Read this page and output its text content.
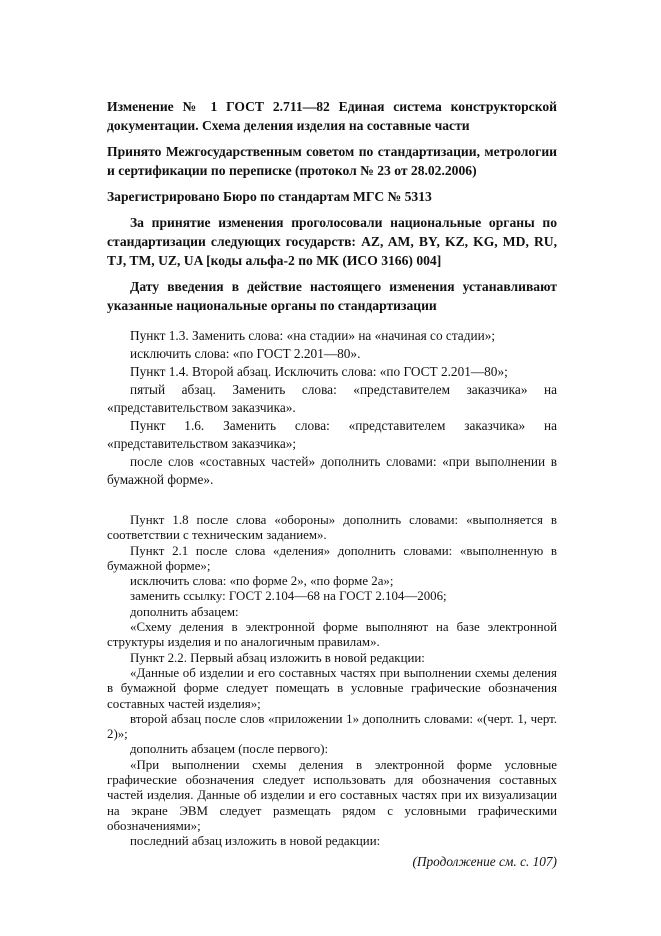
Изменение № 1 ГОСТ 2.711—82 Единая система конструкторской документации. Схема деления изделия на составные части

Принято Межгосударственным советом по стандартизации, метрологии и сертификации по переписке (протокол № 23 от 28.02.2006)

Зарегистрировано Бюро по стандартам МГС № 5313

За принятие изменения проголосовали национальные органы по стандартизации следующих государств: AZ, AM, BY, KZ, KG, MD, RU, TJ, TM, UZ, UA [коды альфа-2 по МК (ИСО 3166) 004]

Дату введения в действие настоящего изменения устанавливают указанные национальные органы по стандартизации

Пункт 1.3. Заменить слова: «на стадии» на «начиная со стадии»;

исключить слова: «по ГОСТ 2.201—80».

Пункт 1.4. Второй абзац. Исключить слова: «по ГОСТ 2.201—80»;

пятый абзац. Заменить слова: «представителем заказчика» на «представительством заказчика».

Пункт 1.6. Заменить слова: «представителем заказчика» на «представительством заказчика»;

после слов «составных частей» дополнить словами: «при выполнении в бумажной форме».

Пункт 1.8 после слова «обороны» дополнить словами: «выполняется в соответствии с техническим заданием».

Пункт 2.1 после слова «деления» дополнить словами: «выполненную в бумажной форме»;

исключить слова: «по форме 2», «по форме 2а»;

заменить ссылку: ГОСТ 2.104—68 на ГОСТ 2.104—2006;

дополнить абзацем:

«Схему деления в электронной форме выполняют на базе электронной структуры изделия и по аналогичным правилам».

Пункт 2.2. Первый абзац изложить в новой редакции:

«Данные об изделии и его составных частях при выполнении схемы деления в бумажной форме следует помещать в условные графические обозначения составных частей изделия»;

второй абзац после слов «приложении 1» дополнить словами: «(черт. 1, черт. 2)»;

дополнить абзацем (после первого):

«При выполнении схемы деления в электронной форме условные графические обозначения следует использовать для обозначения составных частей изделия. Данные об изделии и его составных частях при их визуализации на экране ЭВМ следует размещать рядом с условными графическими обозначениями»;

последний абзац изложить в новой редакции:

(Продолжение см. с. 107)
